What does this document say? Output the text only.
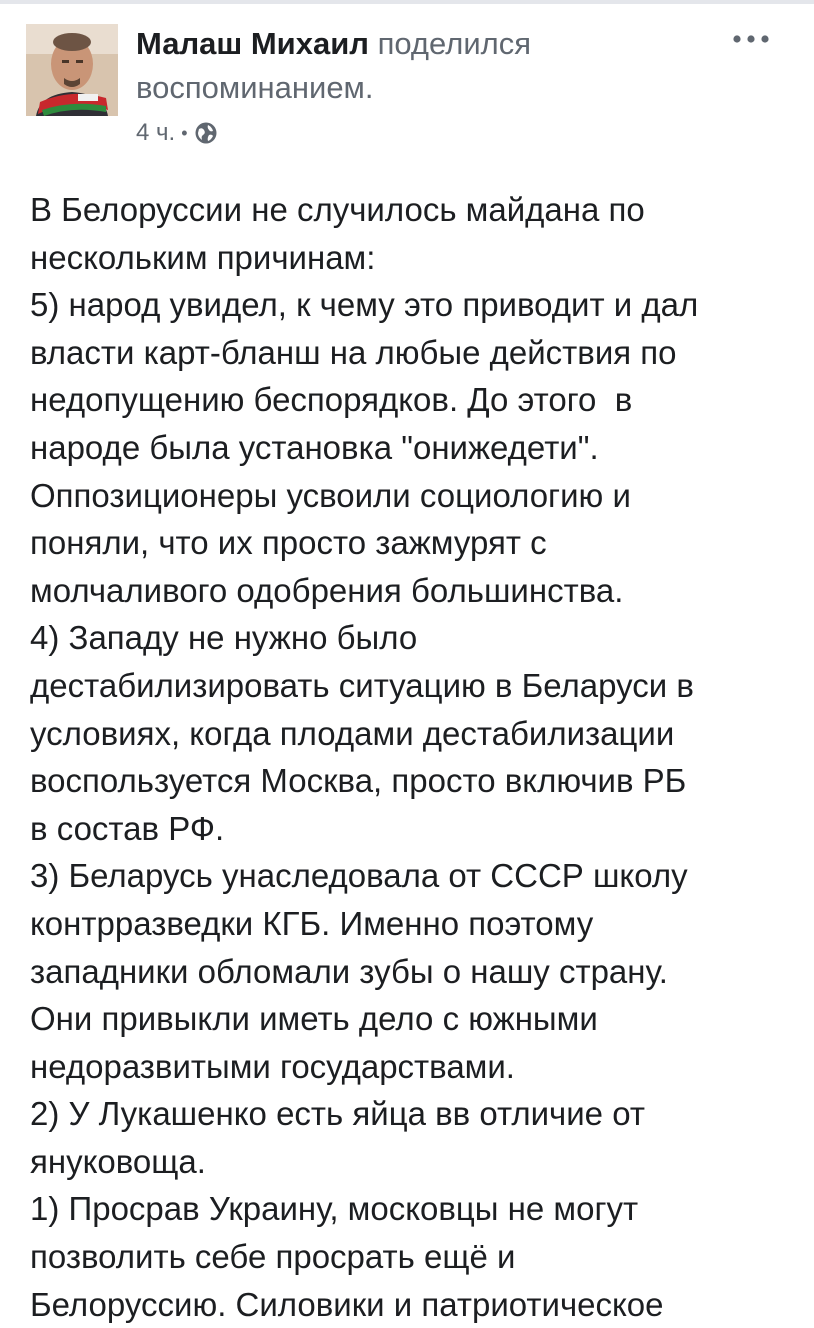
Малаш Михаил поделился воспоминанием.
4 ч. •

В Белоруссии не случилось майдана по

нескольким причинам:

5) народ увидел, к чему это приводит и дал

власти карт-бланш на любые действия по

недопущению беспорядков. До этого  в

народе была установка "онижедети".

Оппозиционеры усвоили социологию и

поняли, что их просто зажмурят с

молчаливого одобрения большинства.

4) Западу не нужно было

дестабилизировать ситуацию в Беларуси в

условиях, когда плодами дестабилизации

воспользуется Москва, просто включив РБ

в состав РФ.

3) Беларусь унаследовала от СССР школу

контрразведки КГБ. Именно поэтому

западники обломали зубы о нашу страну.

Они привыкли иметь дело с южными

недоразвитыми государствами.

2) У Лукашенко есть яйца вв отличие от

януковоща.

1) Просрав Украину, московцы не могут

позволить себе просрать ещё и

Белоруссию. Силовики и патриотическое
